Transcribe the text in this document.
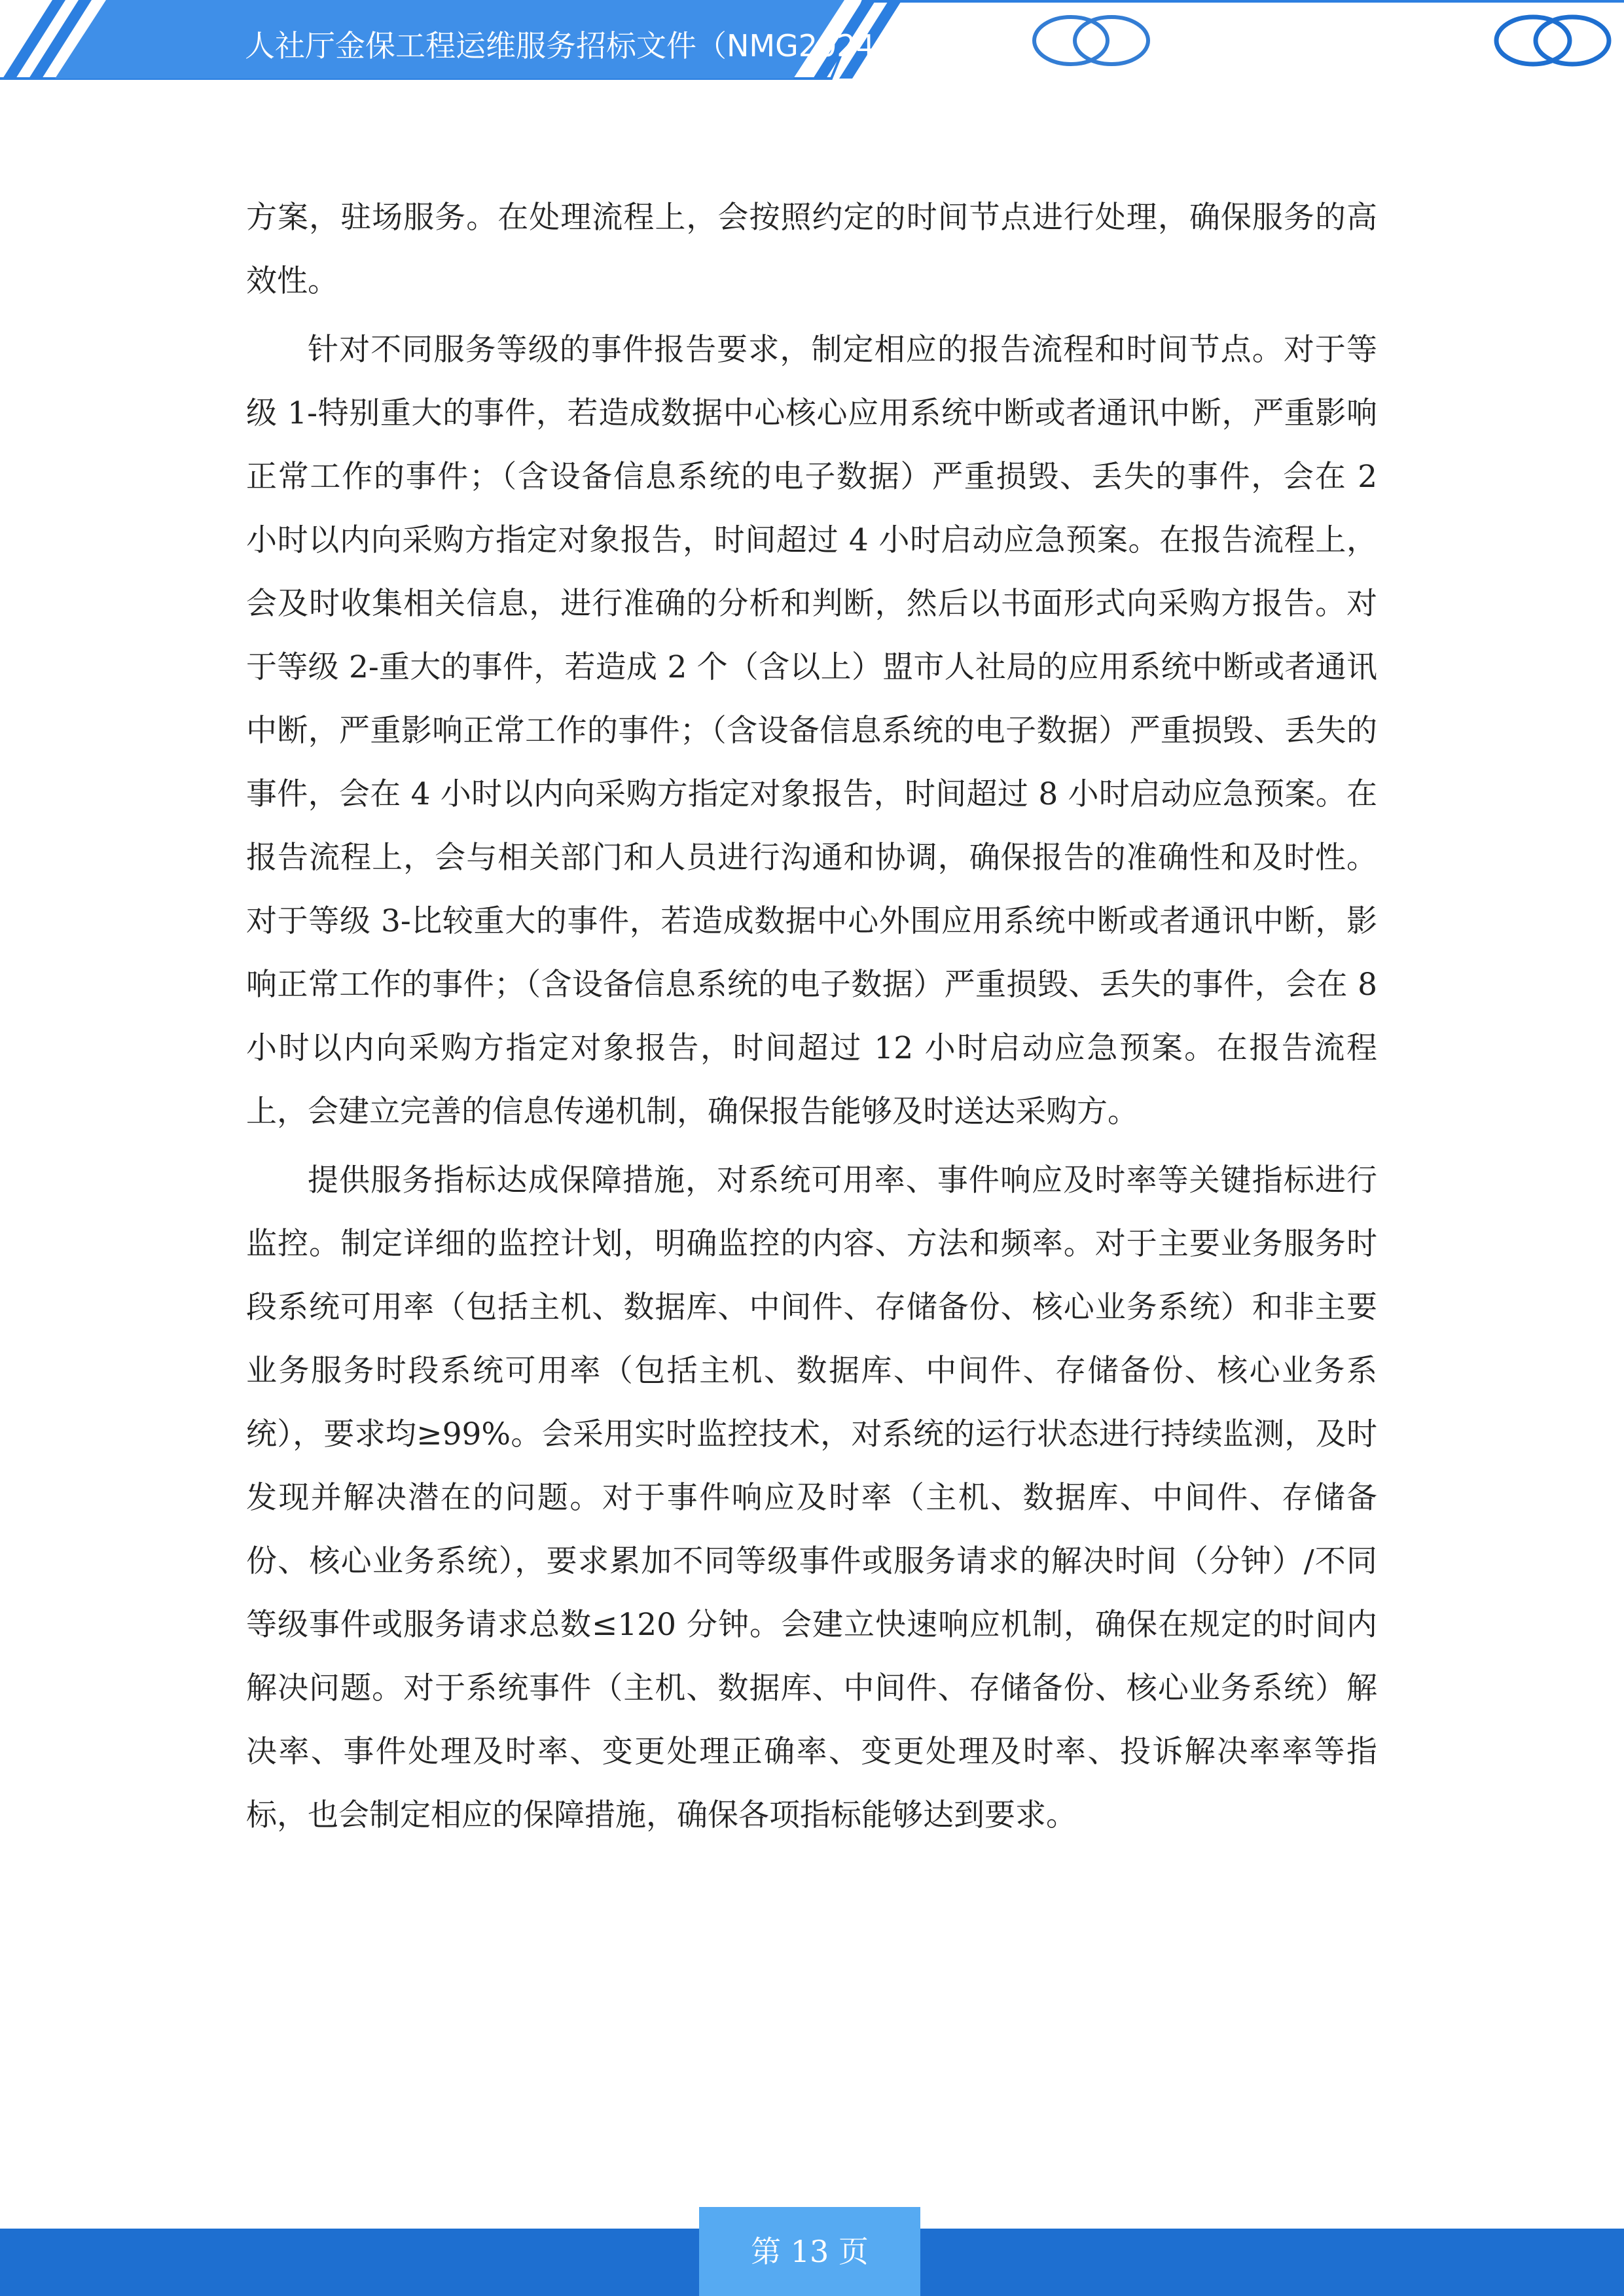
人社厅金保工程运维服务招标文件（NMG2024-

方案，驻场服务。在处理流程上，会按照约定的时间节点进行处理，确保服务的高效性。

针对不同服务等级的事件报告要求，制定相应的报告流程和时间节点。对于等级 1-特别重大的事件，若造成数据中心核心应用系统中断或者通讯中断，严重影响正常工作的事件；（含设备信息系统的电子数据）严重损毁、丢失的事件，会在 2 小时以内向采购方指定对象报告，时间超过 4 小时启动应急预案。在报告流程上，会及时收集相关信息，进行准确的分析和判断，然后以书面形式向采购方报告。对于等级 2-重大的事件，若造成 2 个（含以上）盟市人社局的应用系统中断或者通讯中断，严重影响正常工作的事件；（含设备信息系统的电子数据）严重损毁、丢失的事件，会在 4 小时以内向采购方指定对象报告，时间超过 8 小时启动应急预案。在报告流程上，会与相关部门和人员进行沟通和协调，确保报告的准确性和及时性。对于等级 3-比较重大的事件，若造成数据中心外围应用系统中断或者通讯中断，影响正常工作的事件；（含设备信息系统的电子数据）严重损毁、丢失的事件，会在 8 小时以内向采购方指定对象报告，时间超过 12 小时启动应急预案。在报告流程上，会建立完善的信息传递机制，确保报告能够及时送达采购方。

提供服务指标达成保障措施，对系统可用率、事件响应及时率等关键指标进行监控。制定详细的监控计划，明确监控的内容、方法和频率。对于主要业务服务时段系统可用率（包括主机、数据库、中间件、存储备份、核心业务系统）和非主要业务服务时段系统可用率（包括主机、数据库、中间件、存储备份、核心业务系统），要求均≥99%。会采用实时监控技术，对系统的运行状态进行持续监测，及时发现并解决潜在的问题。对于事件响应及时率（主机、数据库、中间件、存储备份、核心业务系统），要求累加不同等级事件或服务请求的解决时间（分钟）/不同等级事件或服务请求总数≤120 分钟。会建立快速响应机制，确保在规定的时间内解决问题。对于系统事件（主机、数据库、中间件、存储备份、核心业务系统）解决率、事件处理及时率、变更处理正确率、变更处理及时率、投诉解决率率等指标，也会制定相应的保障措施，确保各项指标能够达到要求。

第 13 页
